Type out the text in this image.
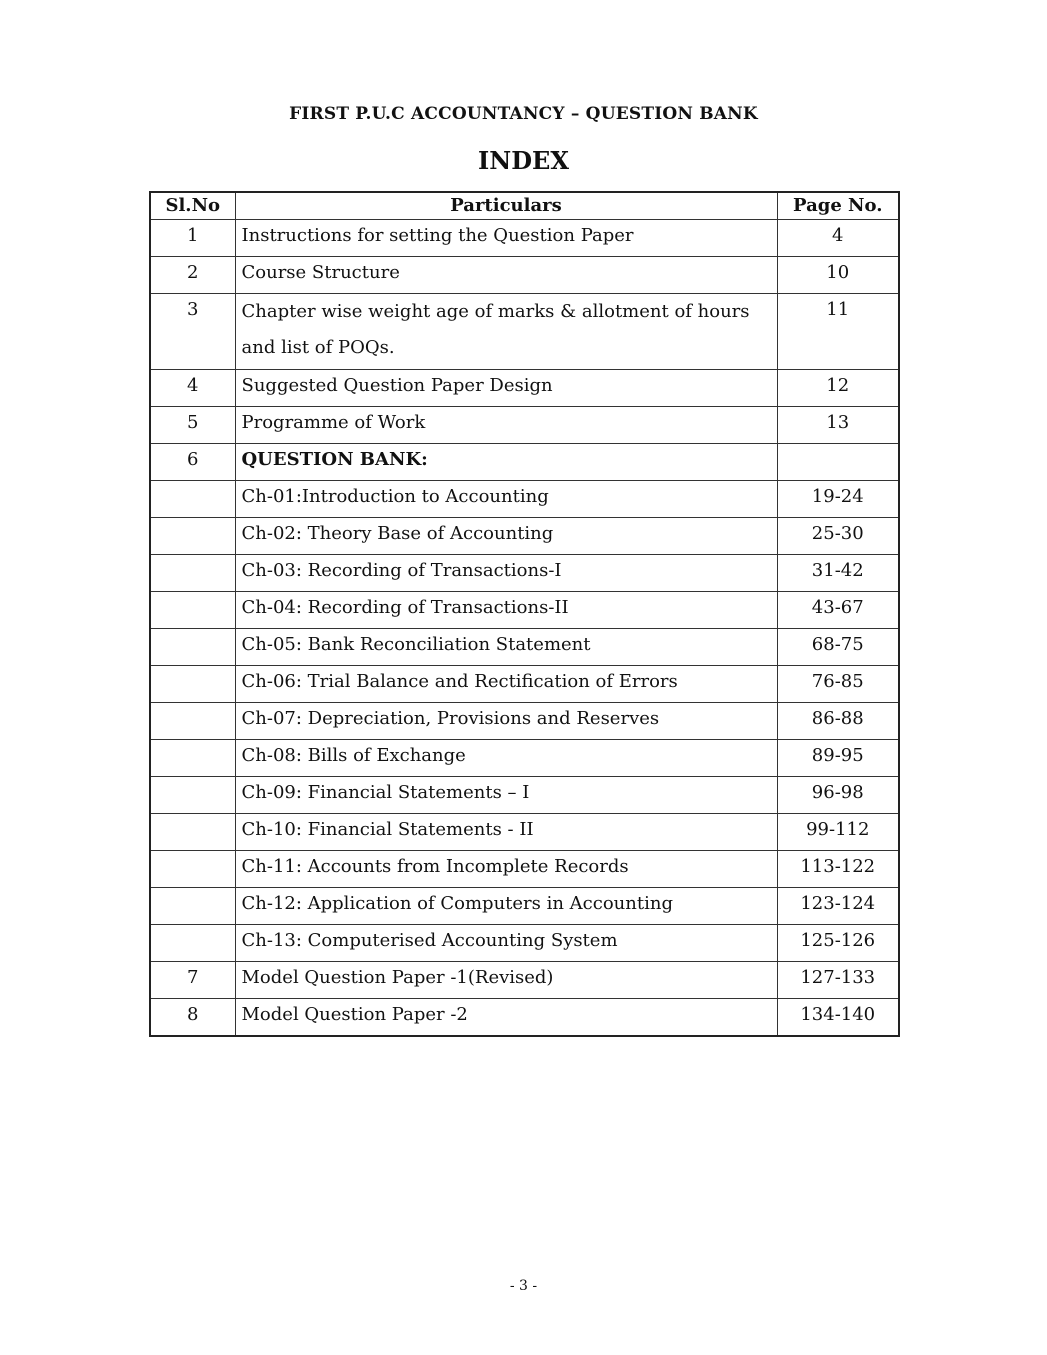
FIRST P.U.C ACCOUNTANCY – QUESTION BANK
INDEX
Sl.No	Particulars	Page No.
1	Instructions for setting the Question Paper	4
2	Course Structure	10
3	Chapter wise weight age of marks & allotment of hours and list of POQs.	11
4	Suggested Question Paper Design	12
5	Programme of Work	13
6	QUESTION BANK:	
	Ch-01:Introduction to Accounting	19-24
	Ch-02: Theory Base of Accounting	25-30
	Ch-03: Recording of Transactions-I	31-42
	Ch-04: Recording of Transactions-II	43-67
	Ch-05: Bank Reconciliation Statement	68-75
	Ch-06: Trial Balance and Rectification of Errors	76-85
	Ch-07: Depreciation, Provisions and Reserves	86-88
	Ch-08: Bills of Exchange	89-95
	Ch-09: Financial Statements – I	96-98
	Ch-10: Financial Statements - II	99-112
	Ch-11: Accounts from Incomplete Records	113-122
	Ch-12: Application of Computers in Accounting	123-124
	Ch-13: Computerised Accounting System	125-126
7	Model Question Paper -1(Revised)	127-133
8	Model Question Paper -2	134-140
- 3 -
